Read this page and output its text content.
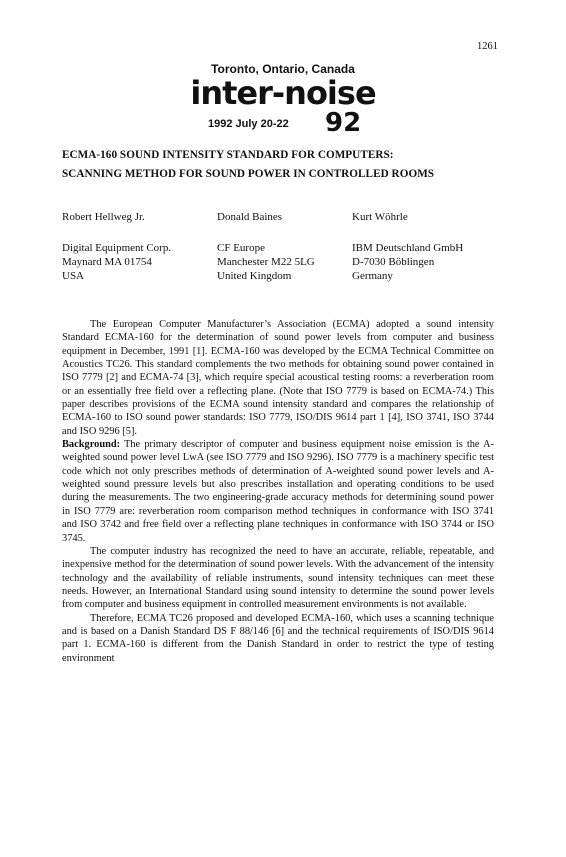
1261
Toronto, Ontario, Canada
inter-noise
1992 July 20-22 92
ECMA-160 SOUND INTENSITY STANDARD FOR COMPUTERS:
SCANNING METHOD FOR SOUND POWER IN CONTROLLED ROOMS
Robert Hellweg Jr.
Digital Equipment Corp.
Maynard MA 01754
USA
Donald Baines
CF Europe
Manchester M22 5LG
United Kingdom
Kurt Wöhrle
IBM Deutschland GmbH
D-7030 Böblingen
Germany

The European Computer Manufacturer’s Association (ECMA) adopted a sound intensity Standard ECMA-160 for the determination of sound power levels from computer and business equipment in December, 1991 [1]. ECMA-160 was developed by the ECMA Technical Committee on Acoustics TC26. This standard complements the two methods for obtaining sound power contained in ISO 7779 [2] and ECMA-74 [3], which require special acoustical testing rooms: a reverberation room or an essentially free field over a reflecting plane. (Note that ISO 7779 is based on ECMA-74.) This paper describes provisions of the ECMA sound intensity standard and compares the relationship of ECMA-160 to ISO sound power standards: ISO 7779, ISO/DIS 9614 part 1 [4], ISO 3741, ISO 3744 and ISO 9296 [5].

Background: The primary descriptor of computer and business equipment noise emission is the A-weighted sound power level LwA (see ISO 7779 and ISO 9296). ISO 7779 is a machinery specific test code which not only prescribes methods of determination of A-weighted sound power levels and A-weighted sound pressure levels but also prescribes installation and operating conditions to be used during the measurements. The two engineering-grade accuracy methods for determining sound power in ISO 7779 are: reverberation room comparison method techniques in conformance with ISO 3741 and ISO 3742 and free field over a reflecting plane techniques in conformance with ISO 3744 or ISO 3745.

The computer industry has recognized the need to have an accurate, reliable, repeatable, and inexpensive method for the determination of sound power levels. With the advancement of the intensity technology and the availability of reliable instruments, sound intensity techniques can meet these needs. However, an International Standard using sound intensity to determine the sound power levels from computer and business equipment in controlled measurement environments is not available.

Therefore, ECMA TC26 proposed and developed ECMA-160, which uses a scanning technique and is based on a Danish Standard DS F 88/146 [6] and the technical requirements of ISO/DIS 9614 part 1. ECMA-160 is different from the Danish Standard in order to restrict the type of testing environment
